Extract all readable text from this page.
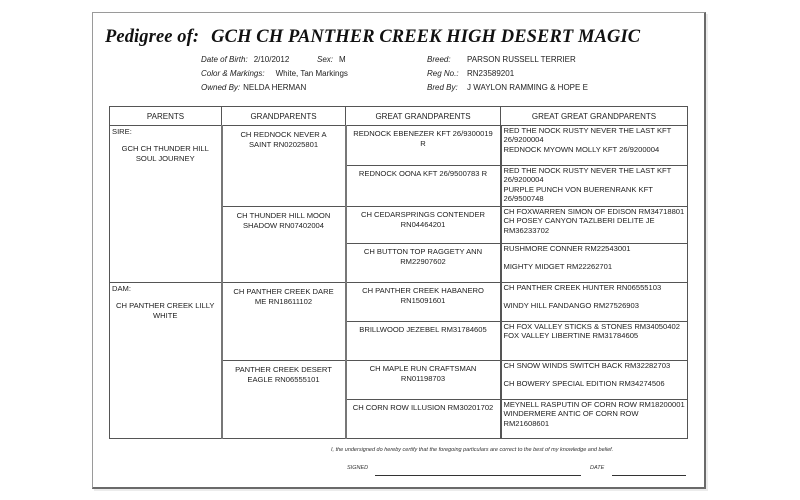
Pedigree of: GCH CH PANTHER CREEK HIGH DESERT MAGIC
Date of Birth: 2/10/2012	Sex: M
Color & Markings: White, Tan Markings
Owned By: NELDA HERMAN
Breed: PARSON RUSSELL TERRIER
Reg No.: RN23589201
Bred By: J WAYLON RAMMING & HOPE E
PARENTS	GRANDPARENTS	GREAT GRANDPARENTS	GREAT GREAT GRANDPARENTS

SIRE:
GCH CH THUNDER HILL SOUL JOURNEY	CH REDNOCK NEVER A SAINT RN02025801	REDNOCK EBENEZER KFT 26/9300019 R	RED THE NOCK RUSTY NEVER THE LAST KFT 26/9200004
REDNOCK MYOWN MOLLY KFT 26/9200004

		REDNOCK OONA KFT 26/9500783 R	RED THE NOCK RUSTY NEVER THE LAST KFT 26/9200004
PURPLE PUNCH VON BUERENRANK KFT 26/9500748

	CH THUNDER HILL MOON SHADOW RN07402004	CH CEDARSPRINGS CONTENDER RN04464201	CH FOXWARREN SIMON OF EDISON RM34718801
CH POSEY CANYON TAZLBERI DELITE JE RM36233702

		CH BUTTON TOP RAGGETY ANN RM22907602	RUSHMORE CONNER RM22543001
MIGHTY MIDGET RM22262701

DAM:
CH PANTHER CREEK LILLY WHITE	CH PANTHER CREEK DARE ME RN18611102	CH PANTHER CREEK HABANERO RN15091601	CH PANTHER CREEK HUNTER RN06555103
WINDY HILL FANDANGO RM27526903

		BRILLWOOD JEZEBEL RM31784605	CH FOX VALLEY STICKS & STONES RM34050402
FOX VALLEY LIBERTINE RM31784605

	PANTHER CREEK DESERT EAGLE RN06555101	CH MAPLE RUN CRAFTSMAN RN01198703	CH SNOW WINDS SWITCH BACK RM32282703
CH BOWERY SPECIAL EDITION RM34274506

		CH CORN ROW ILLUSION RM30201702	MEYNELL RASPUTIN OF CORN ROW RM18200001
WINDERMERE ANTIC OF CORN ROW RM21608601
I, the undersigned do hereby certify that the foregoing particulars are correct to the best of my knowledge and belief.
SIGNED	DATE
